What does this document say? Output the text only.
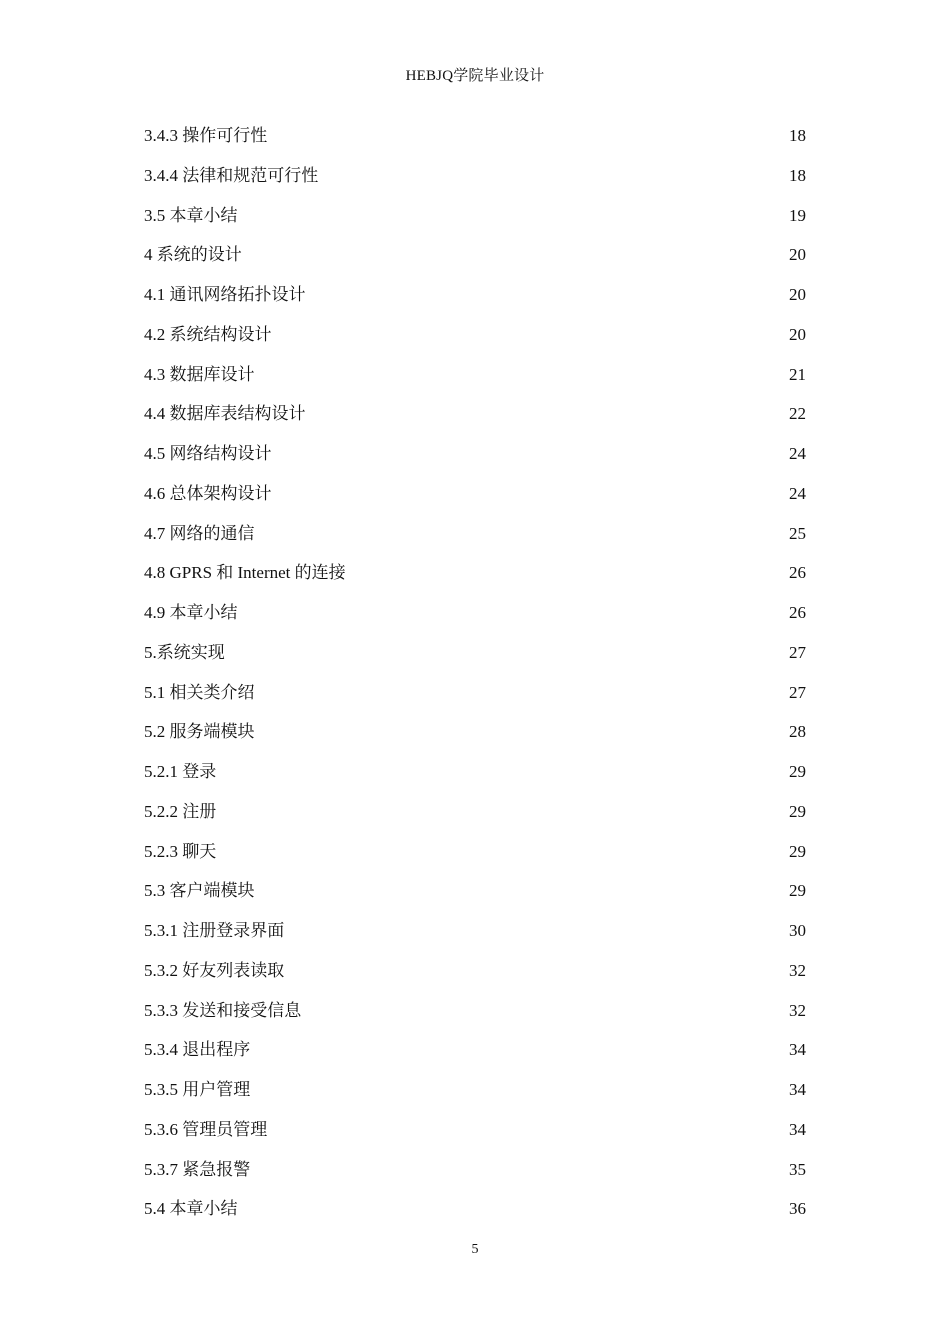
HEBJQ学院毕业设计
3.4.3 操作可行性 .....	18
3.4.4 法律和规范可行性 .....	18
3.5 本章小结 .....	19
4 系统的设计 .....	20
4.1 通讯网络拓扑设计 .....	20
4.2 系统结构设计 .....	20
4.3 数据库设计 .....	21
4.4 数据库表结构设计 .....	22
4.5 网络结构设计 .....	24
4.6 总体架构设计 .....	24
4.7 网络的通信 .....	25
4.8 GPRS 和 Internet 的连接 .....	26
4.9 本章小结 .....	26
5.系统实现 .....	27
5.1 相关类介绍 .....	27
5.2 服务端模块 .....	28
5.2.1 登录 .....	29
5.2.2 注册 .....	29
5.2.3 聊天 .....	29
5.3 客户端模块 .....	29
5.3.1 注册登录界面 .....	30
5.3.2 好友列表读取 .....	32
5.3.3 发送和接受信息 .....	32
5.3.4 退出程序 .....	34
5.3.5 用户管理 .....	34
5.3.6 管理员管理 .....	34
5.3.7 紧急报警 .....	35
5.4 本章小结 .....	36
5
